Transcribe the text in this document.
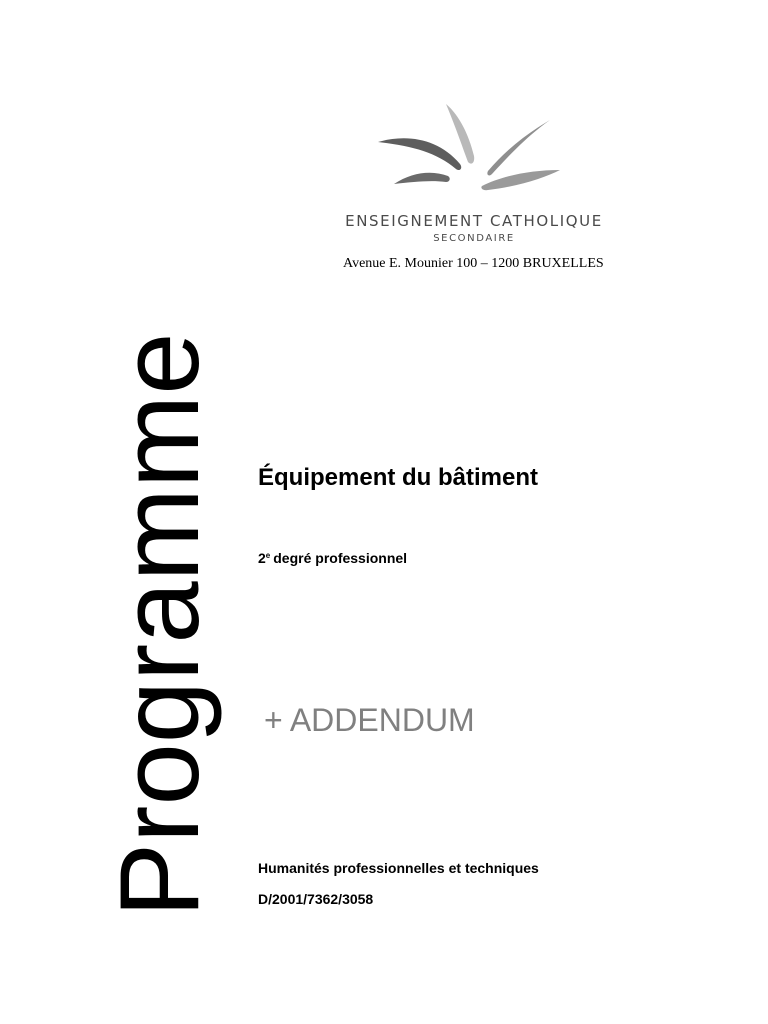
ENSEIGNEMENT CATHOLIQUE
SECONDAIRE
Avenue E. Mounier 100 – 1200 BRUXELLES
Programme Équipement du bâtiment
2e degré professionnel
+ ADDENDUM
Humanités professionnelles et techniques
D/2001/7362/3058
